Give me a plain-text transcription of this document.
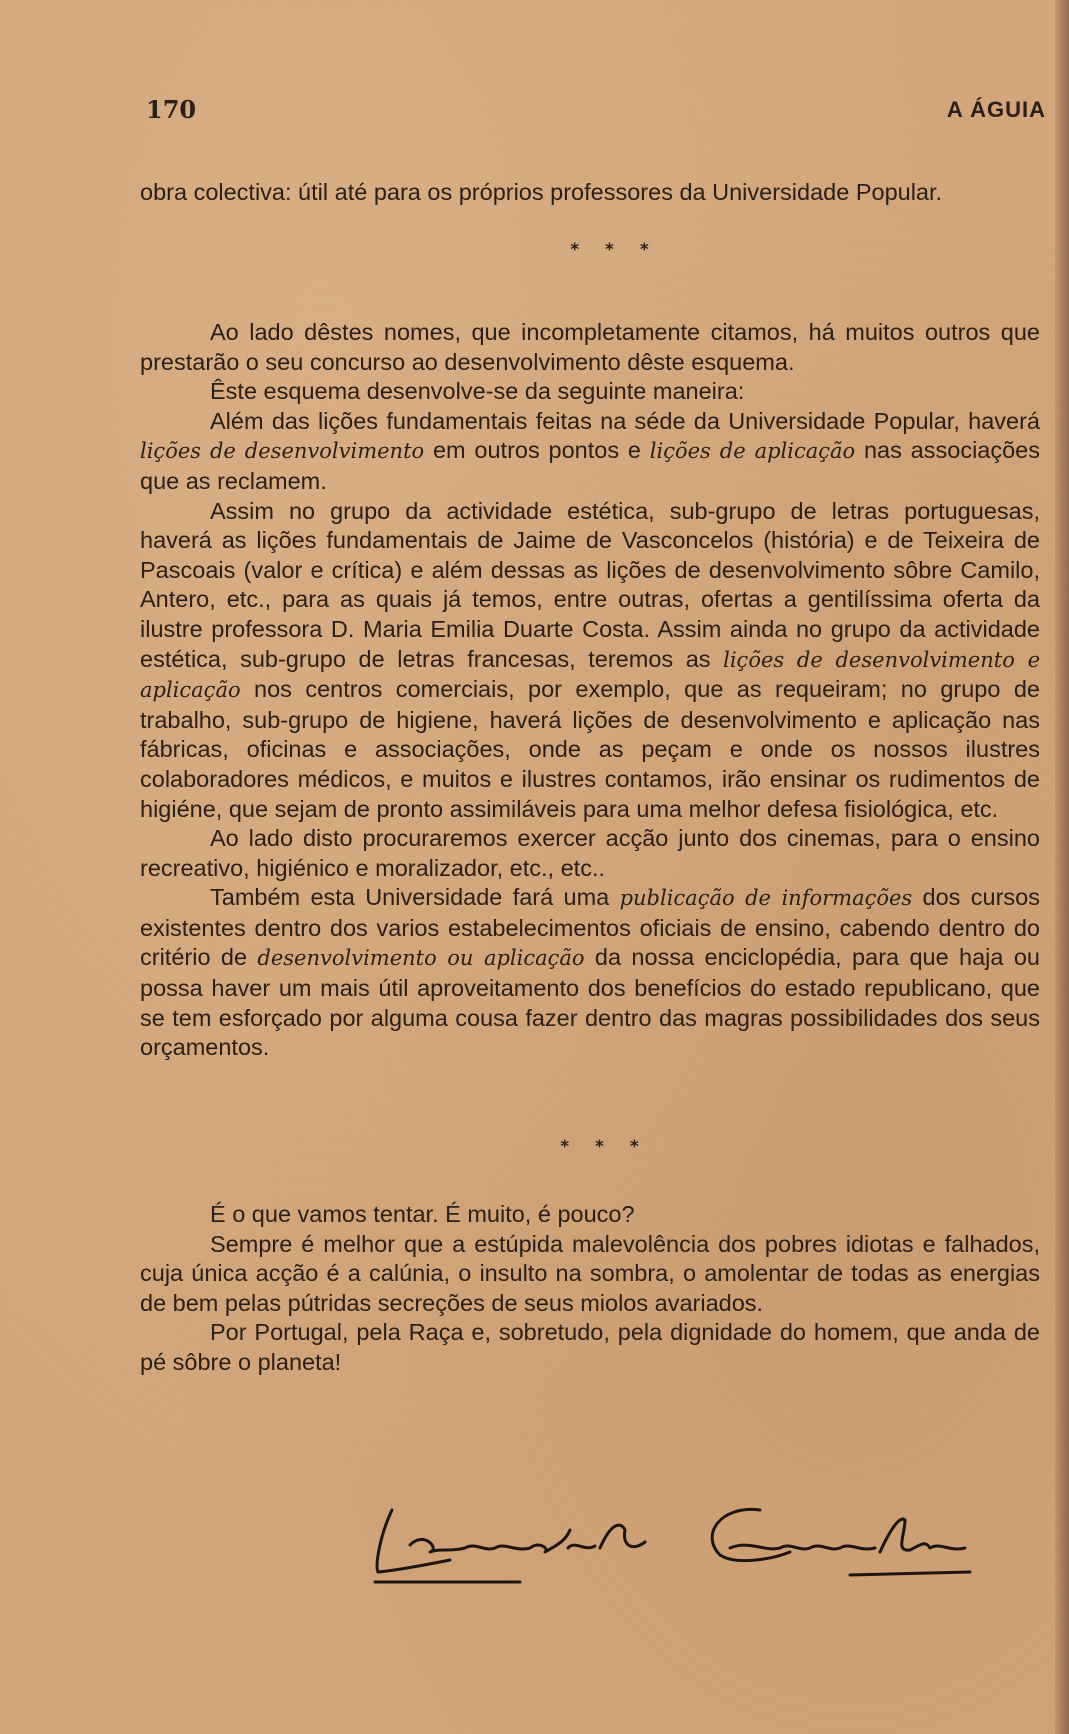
170	A ÁGUIA

obra colectiva: útil até para os próprios professores da Universidade Popular.

* * *

Ao lado dêstes nomes, que incompletamente citamos, há muitos outros que prestarão o seu concurso ao desenvolvimento dêste esquema.

Êste esquema desenvolve-se da seguinte maneira:

Além das lições fundamentais feitas na séde da Universidade Popular, haverá lições de desenvolvimento em outros pontos e lições de aplicação nas associações que as reclamem.

Assim no grupo da actividade estética, sub-grupo de letras portuguesas, haverá as lições fundamentais de Jaime de Vasconcelos (história) e de Teixeira de Pascoais (valor e crítica) e além dessas as lições de desenvolvimento sôbre Camilo, Antero, etc., para as quais já temos, entre outras, ofertas a gentilíssima oferta da ilustre professora D. Maria Emilia Duarte Costa. Assim ainda no grupo da actividade estética, sub-grupo de letras francesas, teremos as lições de desenvolvimento e aplicação nos centros comerciais, por exemplo, que as requeiram; no grupo de trabalho, sub-grupo de higiene, haverá lições de desenvolvimento e aplicação nas fábricas, oficinas e associações, onde as peçam e onde os nossos ilustres colaboradores médicos, e muitos e ilustres contamos, irão ensinar os rudimentos de higiéne, que sejam de pronto assimiláveis para uma melhor defesa fisiológica, etc.

Ao lado disto procuraremos exercer acção junto dos cinemas, para o ensino recreativo, higiénico e moralizador, etc., etc..

Também esta Universidade fará uma publicação de informações dos cursos existentes dentro dos varios estabelecimentos oficiais de ensino, cabendo dentro do critério de desenvolvimento ou aplicação da nossa enciclopédia, para que haja ou possa haver um mais útil aproveitamento dos benefícios do estado republicano, que se tem esforçado por alguma cousa fazer dentro das magras possibilidades dos seus orçamentos.

* * *

É o que vamos tentar. É muito, é pouco?

Sempre é melhor que a estúpida malevolência dos pobres idiotas e falhados, cuja única acção é a calúnia, o insulto na sombra, o amolentar de todas as energias de bem pelas pútridas secreções de seus miolos avariados.

Por Portugal, pela Raça e, sobretudo, pela dignidade do homem, que anda de pé sôbre o planeta!
